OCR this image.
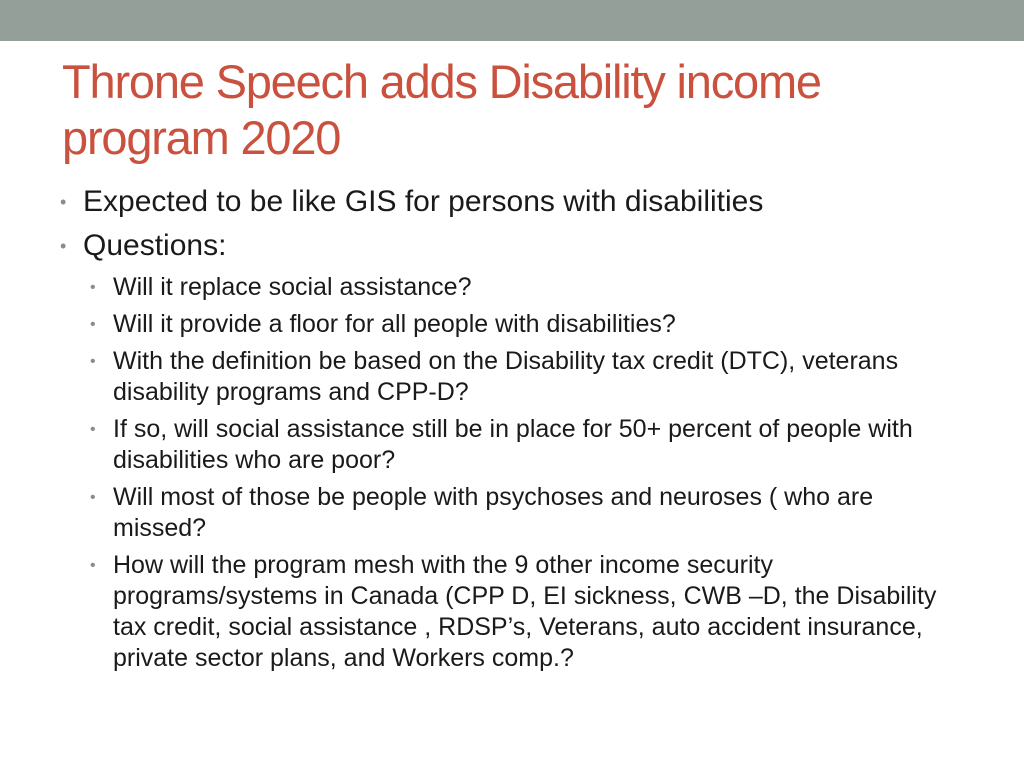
Throne Speech adds Disability income program 2020
• Expected to be like GIS for persons with disabilities
• Questions:
• Will it replace social assistance?
• Will it provide a floor for all people with disabilities?
• With the definition be based on the Disability tax credit (DTC), veterans disability programs and CPP-D?
• If so, will social assistance still be in place for 50+ percent of people with disabilities who are poor?
• Will most of those be people with psychoses and neuroses ( who are missed?
• How will the program mesh with the 9 other income security programs/systems in Canada (CPP D, EI sickness, CWB –D, the Disability tax credit, social assistance , RDSP’s, Veterans, auto accident insurance, private sector plans, and Workers comp.?
